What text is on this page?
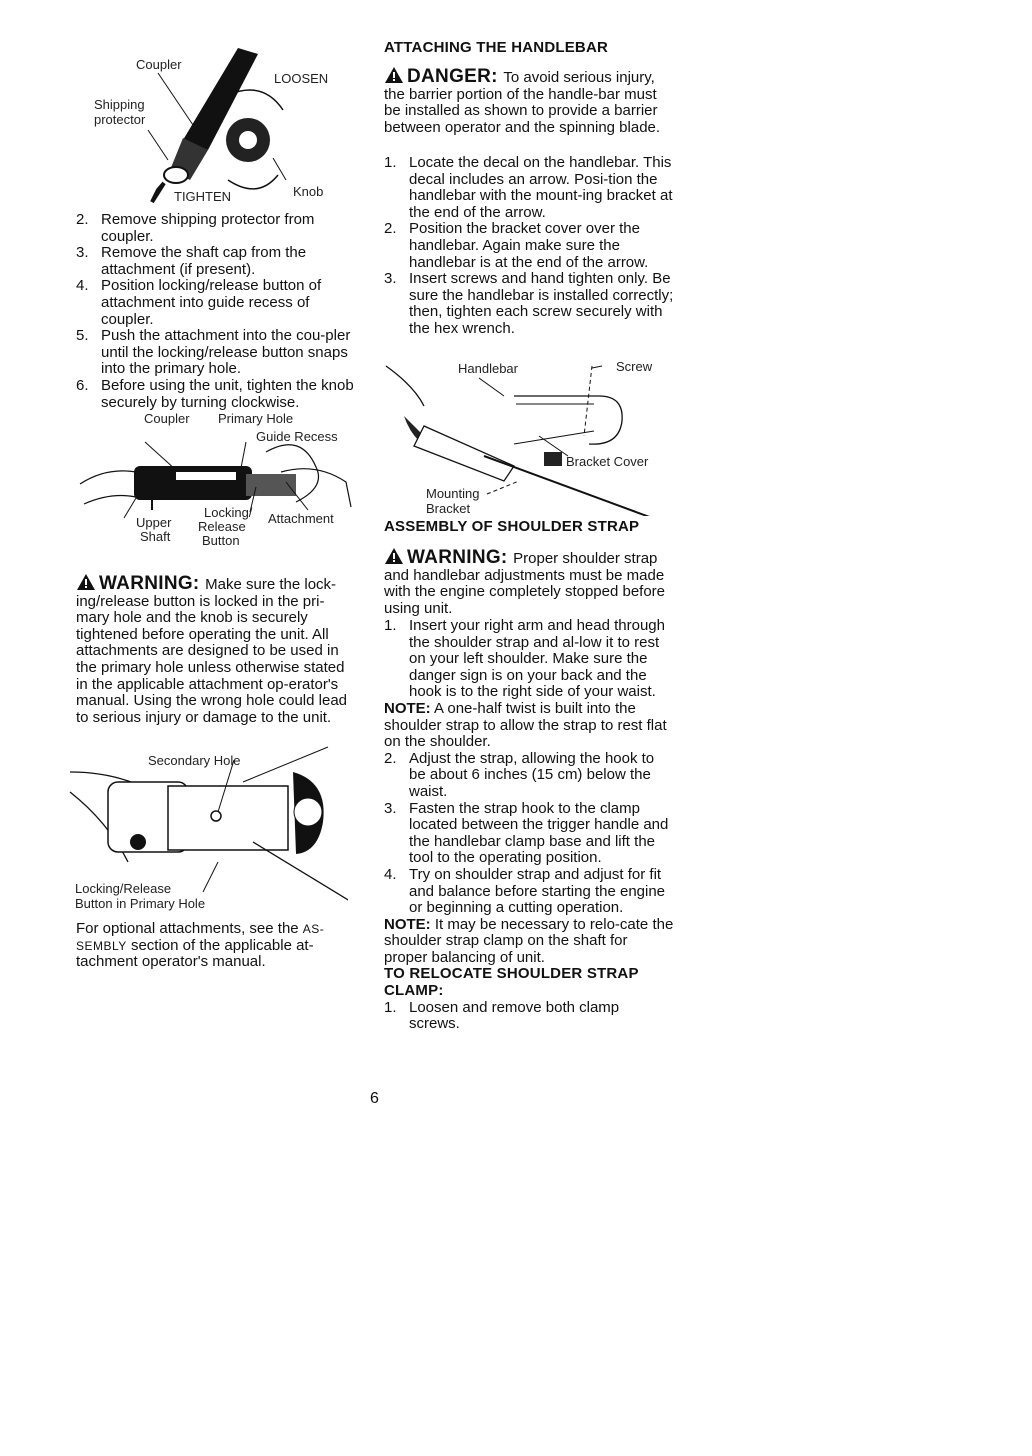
Coupler
LOOSEN
Shipping
protector
TIGHTEN	Knob
2. Remove shipping protector from coupler.
3. Remove the shaft cap from the attachment (if present).
4. Position locking/release button of attachment into guide recess of coupler.
5. Push the attachment into the cou-pler until the locking/release button snaps into the primary hole.
6. Before using the unit, tighten the knob securely by turning clockwise.
Coupler Primary Hole
Guide Recess
Upper
Shaft
Locking/
Release
Button
Attachment
WARNING: Make sure the lock-ing/release button is locked in the pri-mary hole and the knob is securely tightened before operating the unit. All attachments are designed to be used in the primary hole unless otherwise stated in the applicable attachment op-erator's manual. Using the wrong hole could lead to serious injury or damage to the unit.
Secondary Hole
Locking/Release
Button in Primary Hole
For optional attachments, see the AS-SEMBLY section of the applicable at-tachment operator's manual.
ATTACHING THE HANDLEBAR
DANGER: To avoid serious injury, the barrier portion of the handle-bar must be installed as shown to provide a barrier between operator and the spinning blade.
1. Locate the decal on the handlebar. This decal includes an arrow. Posi-tion the handlebar with the mount-ing bracket at the end of the arrow.
2. Position the bracket cover over the handlebar. Again make sure the handlebar is at the end of the arrow.
3. Insert screws and hand tighten only. Be sure the handlebar is installed correctly; then, tighten each screw securely with the hex wrench.
Handlebar	Screw
Bracket Cover
Mounting
Bracket
ASSEMBLY OF SHOULDER STRAP
WARNING: Proper shoulder strap and handlebar adjustments must be made with the engine completely stopped before using unit.
1. Insert your right arm and head through the shoulder strap and al-low it to rest on your left shoulder. Make sure the danger sign is on your back and the hook is to the right side of your waist.
NOTE: A one-half twist is built into the shoulder strap to allow the strap to rest flat on the shoulder.
2. Adjust the strap, allowing the hook to be about 6 inches (15 cm) below the waist.
3. Fasten the strap hook to the clamp located between the trigger handle and the handlebar clamp base and lift the tool to the operating position.
4. Try on shoulder strap and adjust for fit and balance before starting the engine or beginning a cutting operation.
NOTE: It may be necessary to relo-cate the shoulder strap clamp on the shaft for proper balancing of unit.
TO RELOCATE SHOULDER STRAP CLAMP:
1. Loosen and remove both clamp screws.
6
